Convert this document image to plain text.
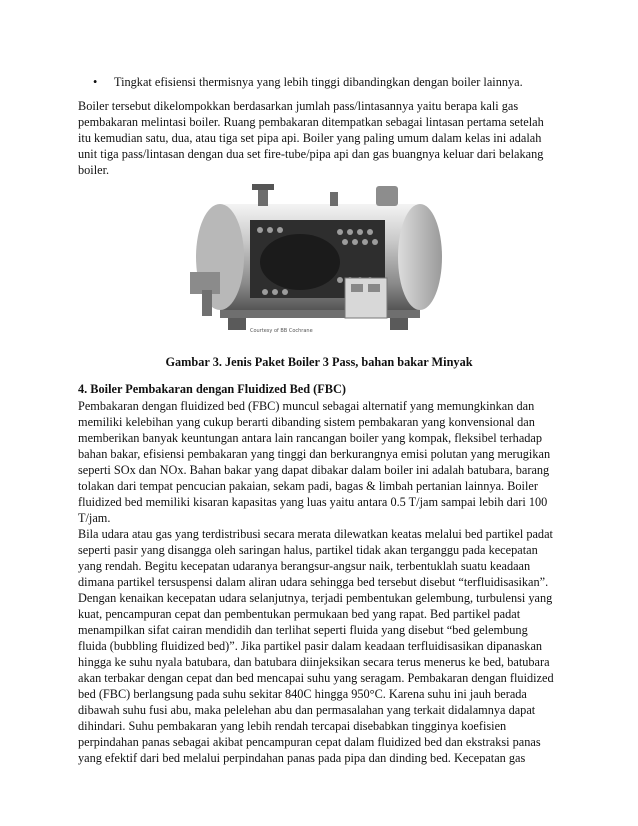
• Tingkat efisiensi thermisnya yang lebih tinggi dibandingkan dengan boiler lainnya.

Boiler tersebut dikelompokkan berdasarkan jumlah pass/lintasannya yaitu berapa kali gas
pembakaran melintasi boiler. Ruang pembakaran ditempatkan sebagai lintasan pertama setelah
itu kemudian satu, dua, atau tiga set pipa api. Boiler yang paling umum dalam kelas ini adalah
unit tiga pass/lintasan dengan dua set fire-tube/pipa api dan gas buangnya keluar dari belakang
boiler.

Courtesy of BB Cochrane
Gambar 3. Jenis Paket Boiler 3 Pass, bahan bakar Minyak
4. Boiler Pembakaran dengan Fluidized Bed (FBC)

Pembakaran dengan fluidized bed (FBC) muncul sebagai alternatif yang memungkinkan dan
memiliki kelebihan yang cukup berarti dibanding sistem pembakaran yang konvensional dan
memberikan banyak keuntungan antara lain rancangan boiler yang kompak, fleksibel terhadap
bahan bakar, efisiensi pembakaran yang tinggi dan berkurangnya emisi polutan yang merugikan
seperti SOx dan NOx. Bahan bakar yang dapat dibakar dalam boiler ini adalah batubara, barang
tolakan dari tempat pencucian pakaian, sekam padi, bagas & limbah pertanian lainnya. Boiler
fluidized bed memiliki kisaran kapasitas yang luas yaitu antara 0.5 T/jam sampai lebih dari 100
T/jam.
Bila udara atau gas yang terdistribusi secara merata dilewatkan keatas melalui bed partikel padat
seperti pasir yang disangga oleh saringan halus, partikel tidak akan terganggu pada kecepatan
yang rendah. Begitu kecepatan udaranya berangsur-angsur naik, terbentuklah suatu keadaan
dimana partikel tersuspensi dalam aliran udara sehingga bed tersebut disebut “terfluidisasikan”.
Dengan kenaikan kecepatan udara selanjutnya, terjadi pembentukan gelembung, turbulensi yang
kuat, pencampuran cepat dan pembentukan permukaan bed yang rapat. Bed partikel padat
menampilkan sifat cairan mendidih dan terlihat seperti fluida yang disebut “bed gelembung
fluida (bubbling fluidized bed)”. Jika partikel pasir dalam keadaan terfluidisasikan dipanaskan
hingga ke suhu nyala batubara, dan batubara diinjeksikan secara terus menerus ke bed, batubara
akan terbakar dengan cepat dan bed mencapai suhu yang seragam. Pembakaran dengan fluidized
bed (FBC) berlangsung pada suhu sekitar 840C hingga 950°C. Karena suhu ini jauh berada
dibawah suhu fusi abu, maka pelelehan abu dan permasalahan yang terkait didalamnya dapat
dihindari. Suhu pembakaran yang lebih rendah tercapai disebabkan tingginya koefisien
perpindahan panas sebagai akibat pencampuran cepat dalam fluidized bed dan ekstraksi panas
yang efektif dari bed melalui perpindahan panas pada pipa dan dinding bed. Kecepatan gas
